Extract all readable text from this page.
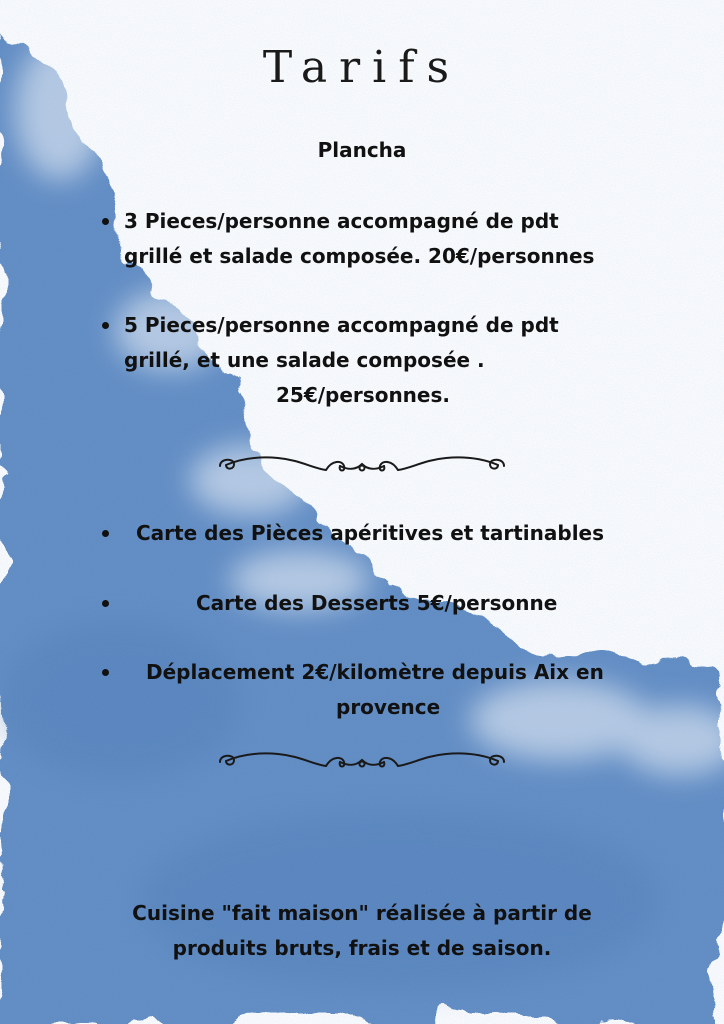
Tarifs
Plancha
3 Pieces/personne accompagné de pdt
grillé et salade composée. 20€/personnes
5 Pieces/personne accompagné de pdt
grillé, et une salade composée .
25€/personnes.
Carte des Pièces apéritives et tartinables
Carte des Desserts 5€/personne
Déplacement 2€/kilomètre depuis Aix en
provence
Cuisine "fait maison" réalisée à partir de
produits bruts, frais et de saison.
